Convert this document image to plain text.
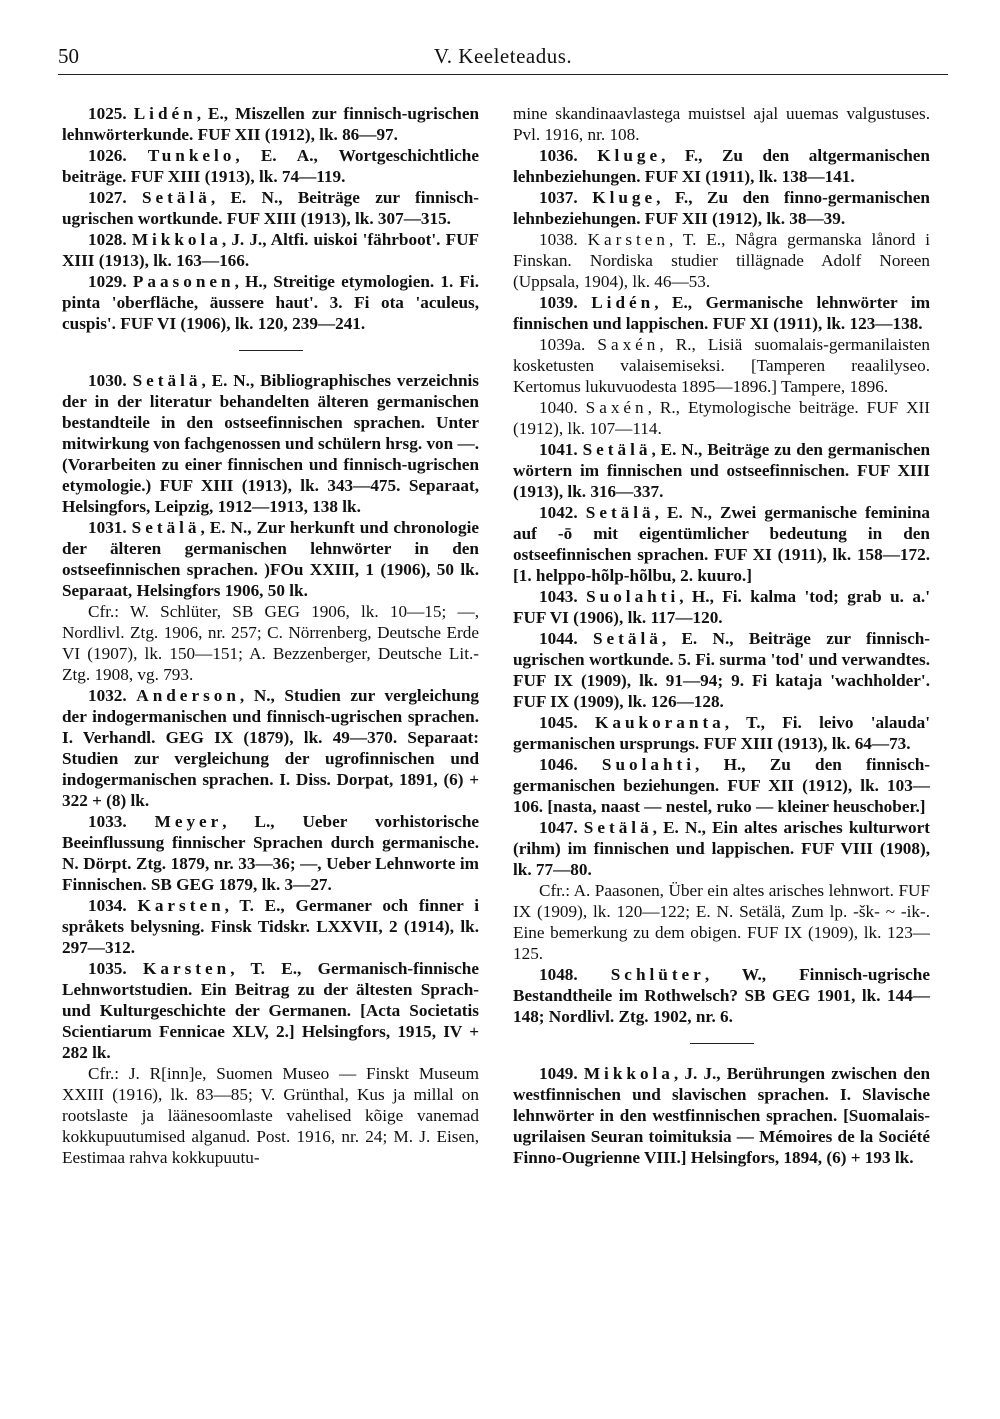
50	V. Keeleteadus.

1025. Lidén, E., Miszellen zur finnisch-ugrischen lehnwörterkunde. FUF XII (1912), lk. 86—97.

1026. Tunkelo, E. A., Wortgeschichtliche beiträge. FUF XIII (1913), lk. 74—119.

1027. Setälä, E. N., Beiträge zur finnisch-ugrischen wortkunde. FUF XIII (1913), lk. 307—315.

1028. Mikkola, J. J., Altfi. uiskoi 'fährboot'. FUF XIII (1913), lk. 163—166.

1029. Paasonen, H., Streitige etymologien. 1. Fi. pinta 'oberfläche, äussere haut'. 3. Fi ota 'aculeus, cuspis'. FUF VI (1906), lk. 120, 239—241.

1030. Setälä, E. N., Bibliographisches verzeichnis der in der literatur behandelten älteren germanischen bestandteile in den ostseefinnischen sprachen. Unter mitwirkung von fachgenossen und schülern hrsg. von —. (Vorarbeiten zu einer finnischen und finnisch-ugrischen etymologie.) FUF XIII (1913), lk. 343—475. Separaat, Helsingfors, Leipzig, 1912—1913, 138 lk.

1031. Setälä, E. N., Zur herkunft und chronologie der älteren germanischen lehnwörter in den ostseefinnischen sprachen. )FOu XXIII, 1 (1906), 50 lk. Separaat, Helsingfors 1906, 50 lk.

Cfr.: W. Schlüter, SB GEG 1906, lk. 10—15; —, Nordlivl. Ztg. 1906, nr. 257; C. Nörrenberg, Deutsche Erde VI (1907), lk. 150—151; A. Bezzenberger, Deutsche Lit.-Ztg. 1908, vg. 793.

1032. Anderson, N., Studien zur vergleichung der indogermanischen und finnisch-ugrischen sprachen. I. Verhandl. GEG IX (1879), lk. 49—370. Separaat: Studien zur vergleichung der ugrofinnischen und indogermanischen sprachen. I. Diss. Dorpat, 1891, (6) + 322 + (8) lk.

1033. Meyer, L., Ueber vorhistorische Beeinflussung finnischer Sprachen durch germanische. N. Dörpt. Ztg. 1879, nr. 33—36; —, Ueber Lehnworte im Finnischen. SB GEG 1879, lk. 3—27.

1034. Karsten, T. E., Germaner och finner i språkets belysning. Finsk Tidskr. LXXVII, 2 (1914), lk. 297—312.

1035. Karsten, T. E., Germanisch-finnische Lehnwortstudien. Ein Beitrag zu der ältesten Sprach- und Kulturgeschichte der Germanen. [Acta Societatis Scientiarum Fennicae XLV, 2.] Helsingfors, 1915, IV + 282 lk.

Cfr.: J. R[inn]e, Suomen Museo — Finskt Museum XXIII (1916), lk. 83—85; V. Grünthal, Kus ja millal on rootslaste ja läänesoomlaste vahelised kõige vanemad kokkupuutumised alganud. Post. 1916, nr. 24; M. J. Eisen, Eestimaa rahva kokkupuutu-

mine skandinaavlastega muistsel ajal uuemas valgustuses. Pvl. 1916, nr. 108.

1036. Kluge, F., Zu den altgermanischen lehnbeziehungen. FUF XI (1911), lk. 138—141.

1037. Kluge, F., Zu den finno-germanischen lehnbeziehungen. FUF XII (1912), lk. 38—39.

1038. Karsten, T. E., Några germanska lånord i Finskan. Nordiska studier tillägnade Adolf Noreen (Uppsala, 1904), lk. 46—53.

1039. Lidén, E., Germanische lehnwörter im finnischen und lappischen. FUF XI (1911), lk. 123—138.

1039a. Saxén, R., Lisiä suomalais-germanilaisten kosketusten valaisemiseksi. [Tamperen reaalilyseo. Kertomus lukuvuodesta 1895—1896.] Tampere, 1896.

1040. Saxén, R., Etymologische beiträge. FUF XII (1912), lk. 107—114.

1041. Setälä, E. N., Beiträge zu den germanischen wörtern im finnischen und ostseefinnischen. FUF XIII (1913), lk. 316—337.

1042. Setälä, E. N., Zwei germanische feminina auf -ō mit eigentümlicher bedeutung in den ostseefinnischen sprachen. FUF XI (1911), lk. 158—172. [1. helppo-hõlp-hõlbu, 2. kuuro.]

1043. Suolahti, H., Fi. kalma 'tod; grab u. a.' FUF VI (1906), lk. 117—120.

1044. Setälä, E. N., Beiträge zur finnisch-ugrischen wortkunde. 5. Fi. surma 'tod' und verwandtes. FUF IX (1909), lk. 91—94; 9. Fi kataja 'wachholder'. FUF IX (1909), lk. 126—128.

1045. Kaukoranta, T., Fi. leivo 'alauda' germanischen ursprungs. FUF XIII (1913), lk. 64—73.

1046. Suolahti, H., Zu den finnisch-germanischen beziehungen. FUF XII (1912), lk. 103—106. [nasta, naast — nestel, ruko — kleiner heuschober.]

1047. Setälä, E. N., Ein altes arisches kulturwort (rihm) im finnischen und lappischen. FUF VIII (1908), lk. 77—80.

Cfr.: A. Paasonen, Über ein altes arisches lehnwort. FUF IX (1909), lk. 120—122; E. N. Setälä, Zum lp. -šk- ~ -ik-. Eine bemerkung zu dem obigen. FUF IX (1909), lk. 123—125.

1048. Schlüter, W., Finnisch-ugrische Bestandtheile im Rothwelsch? SB GEG 1901, lk. 144—148; Nordlivl. Ztg. 1902, nr. 6.

1049. Mikkola, J. J., Berührungen zwischen den westfinnischen und slavischen sprachen. I. Slavische lehnwörter in den westfinnischen sprachen. [Suomalais-ugrilaisen Seuran toimituksia — Mémoires de la Société Finno-Ougrienne VIII.] Helsingfors, 1894, (6) + 193 lk.
